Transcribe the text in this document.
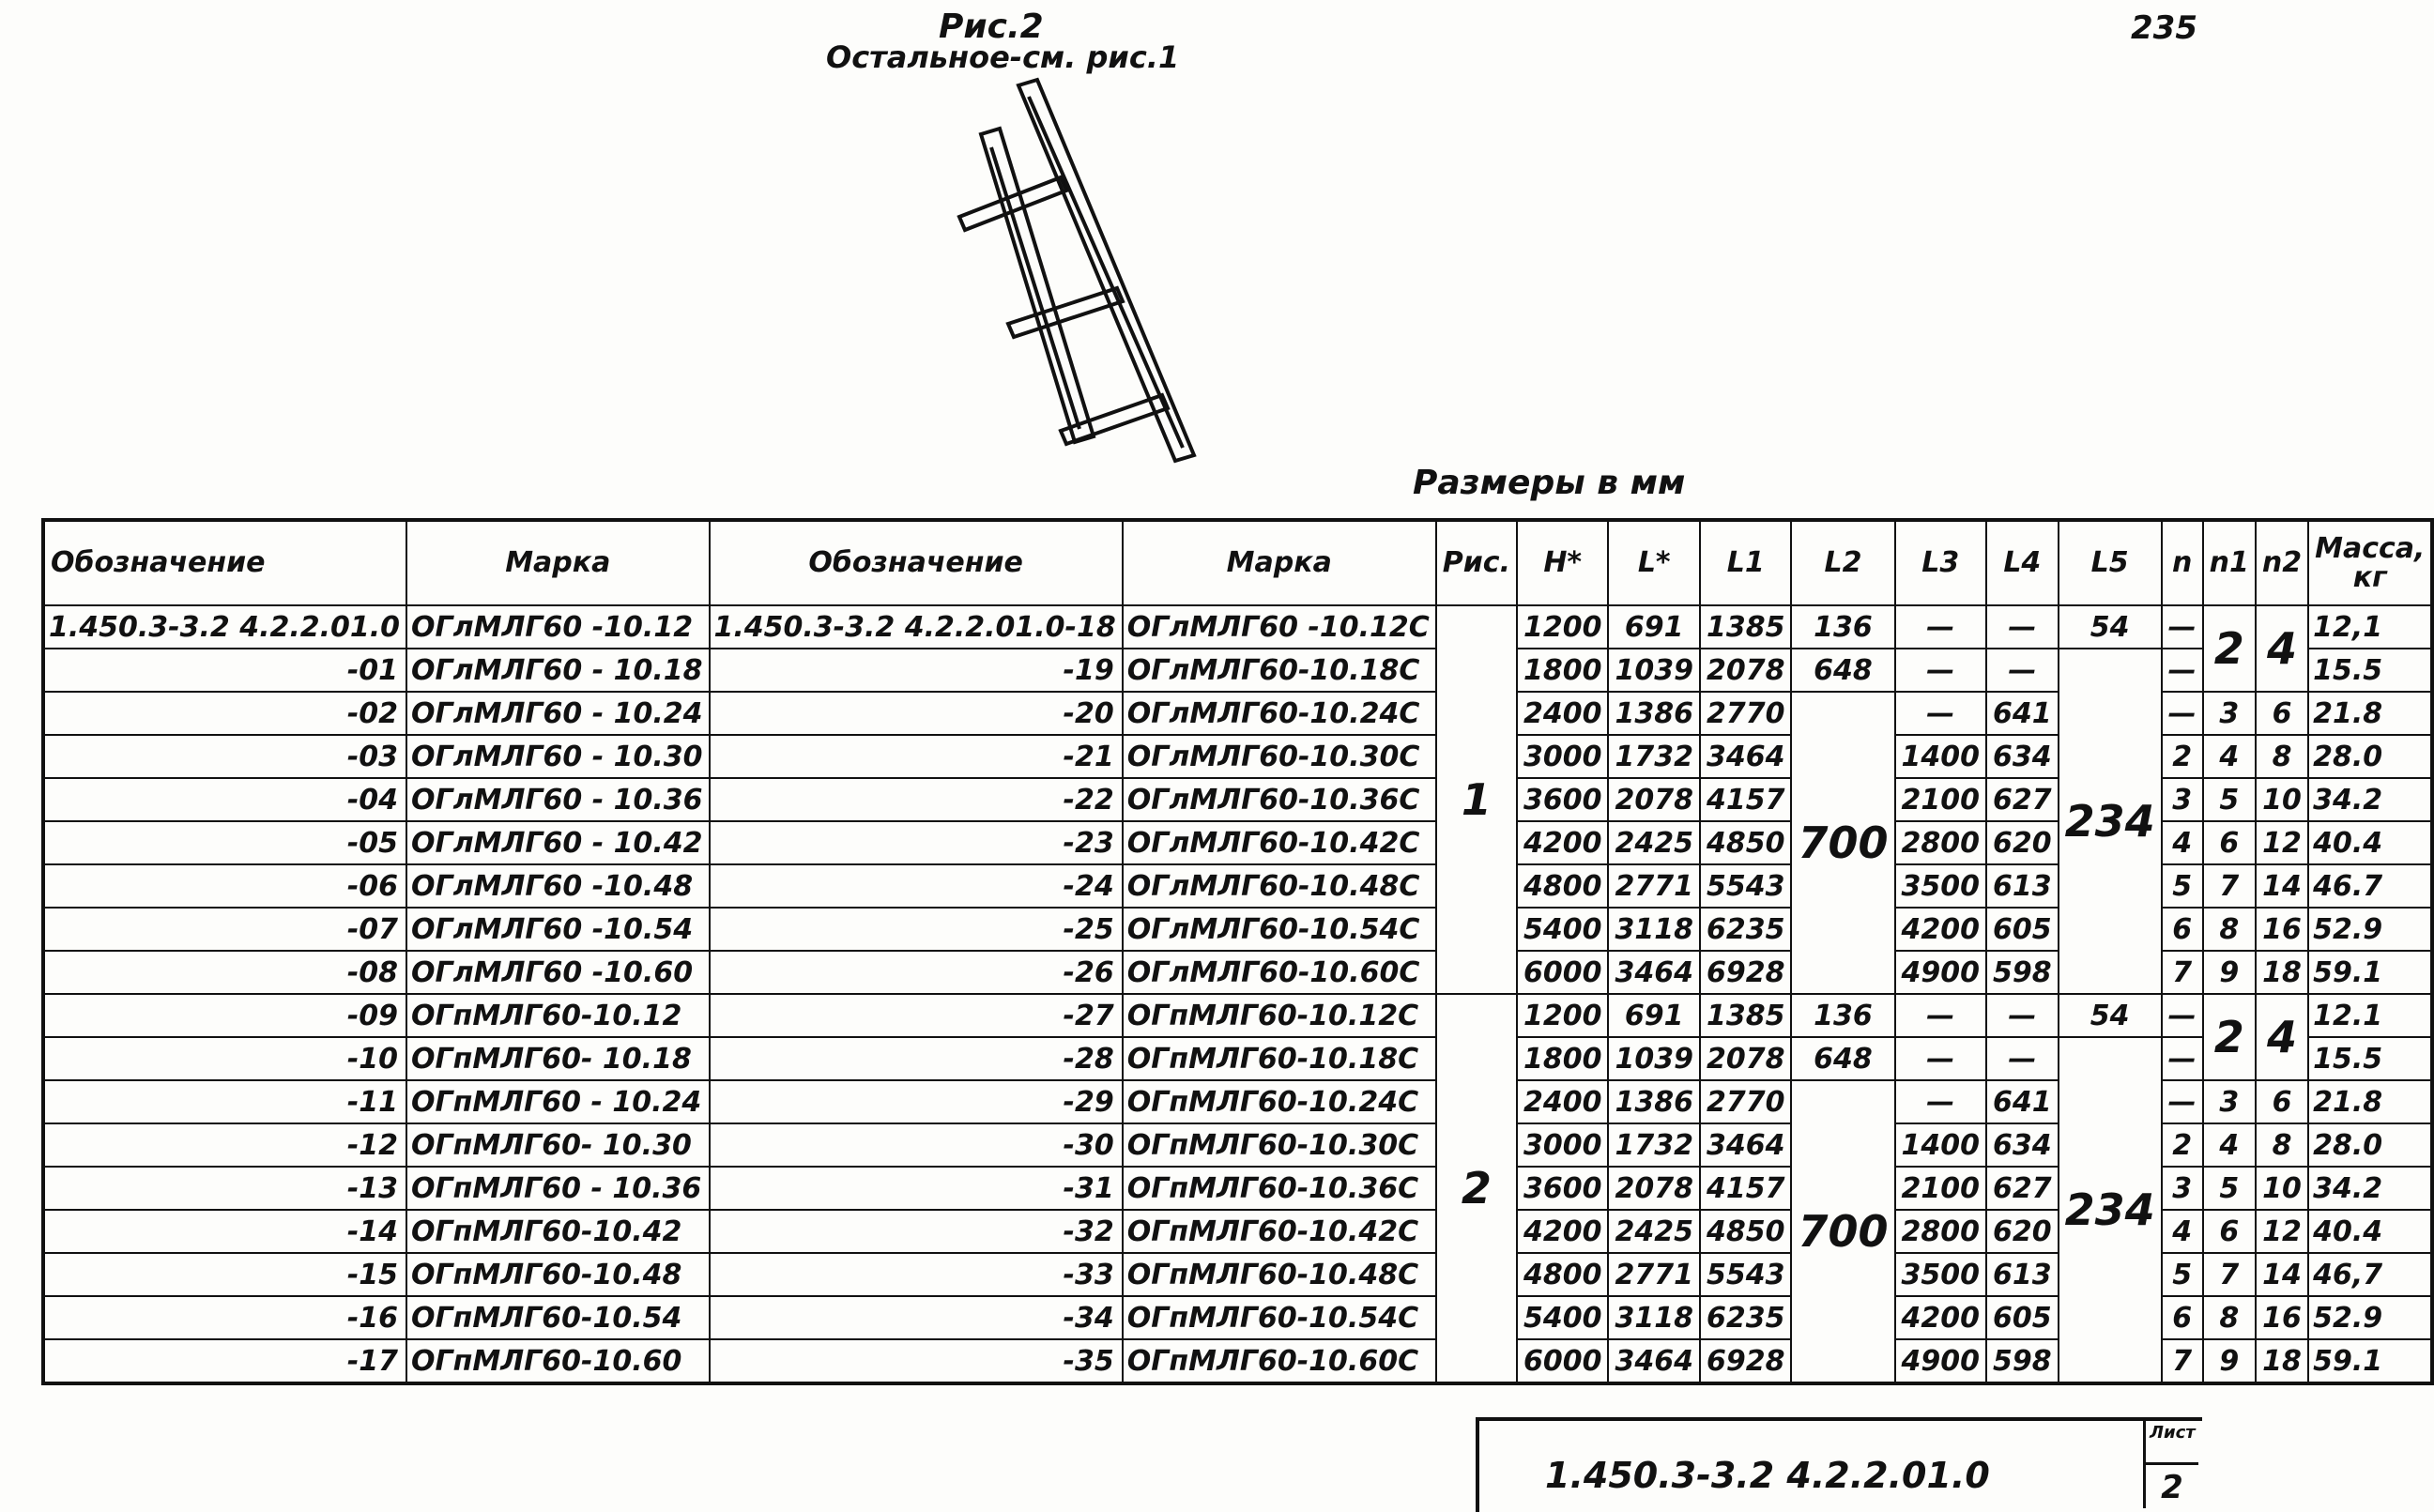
235
Рис.2
Остальное-см. рис.1
Размеры в мм
Обозначение	Марка	Обозначение	Марка	Рис.	H*	L*	L1	L2	L3	L4	L5	n	n1	n2	Масса, кг
1.450.3-3.2 4.2.2.01.0	ОГлМЛГ60 -10.12	1.450.3-3.2 4.2.2.01.0-18	ОГлМЛГ60 -10.12С	1	1200	691	1385	136	—	—	54	—	2	4	12,1
-01	ОГлМЛГ60 - 10.18	-19	ОГлМЛГ60-10.18С		1800	1039	2078	648	—	—	234	—			15.5
-02	ОГлМЛГ60 - 10.24	-20	ОГлМЛГ60-10.24С		2400	1386	2770	700	—	641		—	3	6	21.8
-03	ОГлМЛГ60 - 10.30	-21	ОГлМЛГ60-10.30С		3000	1732	3464		1400	634		2	4	8	28.0
-04	ОГлМЛГ60 - 10.36	-22	ОГлМЛГ60-10.36С		3600	2078	4157		2100	627		3	5	10	34.2
-05	ОГлМЛГ60 - 10.42	-23	ОГлМЛГ60-10.42С		4200	2425	4850		2800	620		4	6	12	40.4
-06	ОГлМЛГ60 -10.48	-24	ОГлМЛГ60-10.48С		4800	2771	5543		3500	613		5	7	14	46.7
-07	ОГлМЛГ60 -10.54	-25	ОГлМЛГ60-10.54С		5400	3118	6235		4200	605		6	8	16	52.9
-08	ОГлМЛГ60 -10.60	-26	ОГлМЛГ60-10.60С		6000	3464	6928		4900	598		7	9	18	59.1
-09	ОГпМЛГ60-10.12	-27	ОГпМЛГ60-10.12С	2	1200	691	1385	136	—	—	54	—	2	4	12.1
-10	ОГпМЛГ60- 10.18	-28	ОГпМЛГ60-10.18С		1800	1039	2078	648	—	—	234	—			15.5
-11	ОГпМЛГ60 - 10.24	-29	ОГпМЛГ60-10.24С		2400	1386	2770	700	—	641		—	3	6	21.8
-12	ОГпМЛГ60- 10.30	-30	ОГпМЛГ60-10.30С		3000	1732	3464		1400	634		2	4	8	28.0
-13	ОГпМЛГ60 - 10.36	-31	ОГпМЛГ60-10.36С		3600	2078	4157		2100	627		3	5	10	34.2
-14	ОГпМЛГ60-10.42	-32	ОГпМЛГ60-10.42С		4200	2425	4850		2800	620		4	6	12	40.4
-15	ОГпМЛГ60-10.48	-33	ОГпМЛГ60-10.48С		4800	2771	5543		3500	613		5	7	14	46,7
-16	ОГпМЛГ60-10.54	-34	ОГпМЛГ60-10.54С		5400	3118	6235		4200	605		6	8	16	52.9
-17	ОГпМЛГ60-10.60	-35	ОГпМЛГ60-10.60С		6000	3464	6928		4900	598		7	9	18	59.1
1.450.3-3.2 4.2.2.01.0
Лист
2
